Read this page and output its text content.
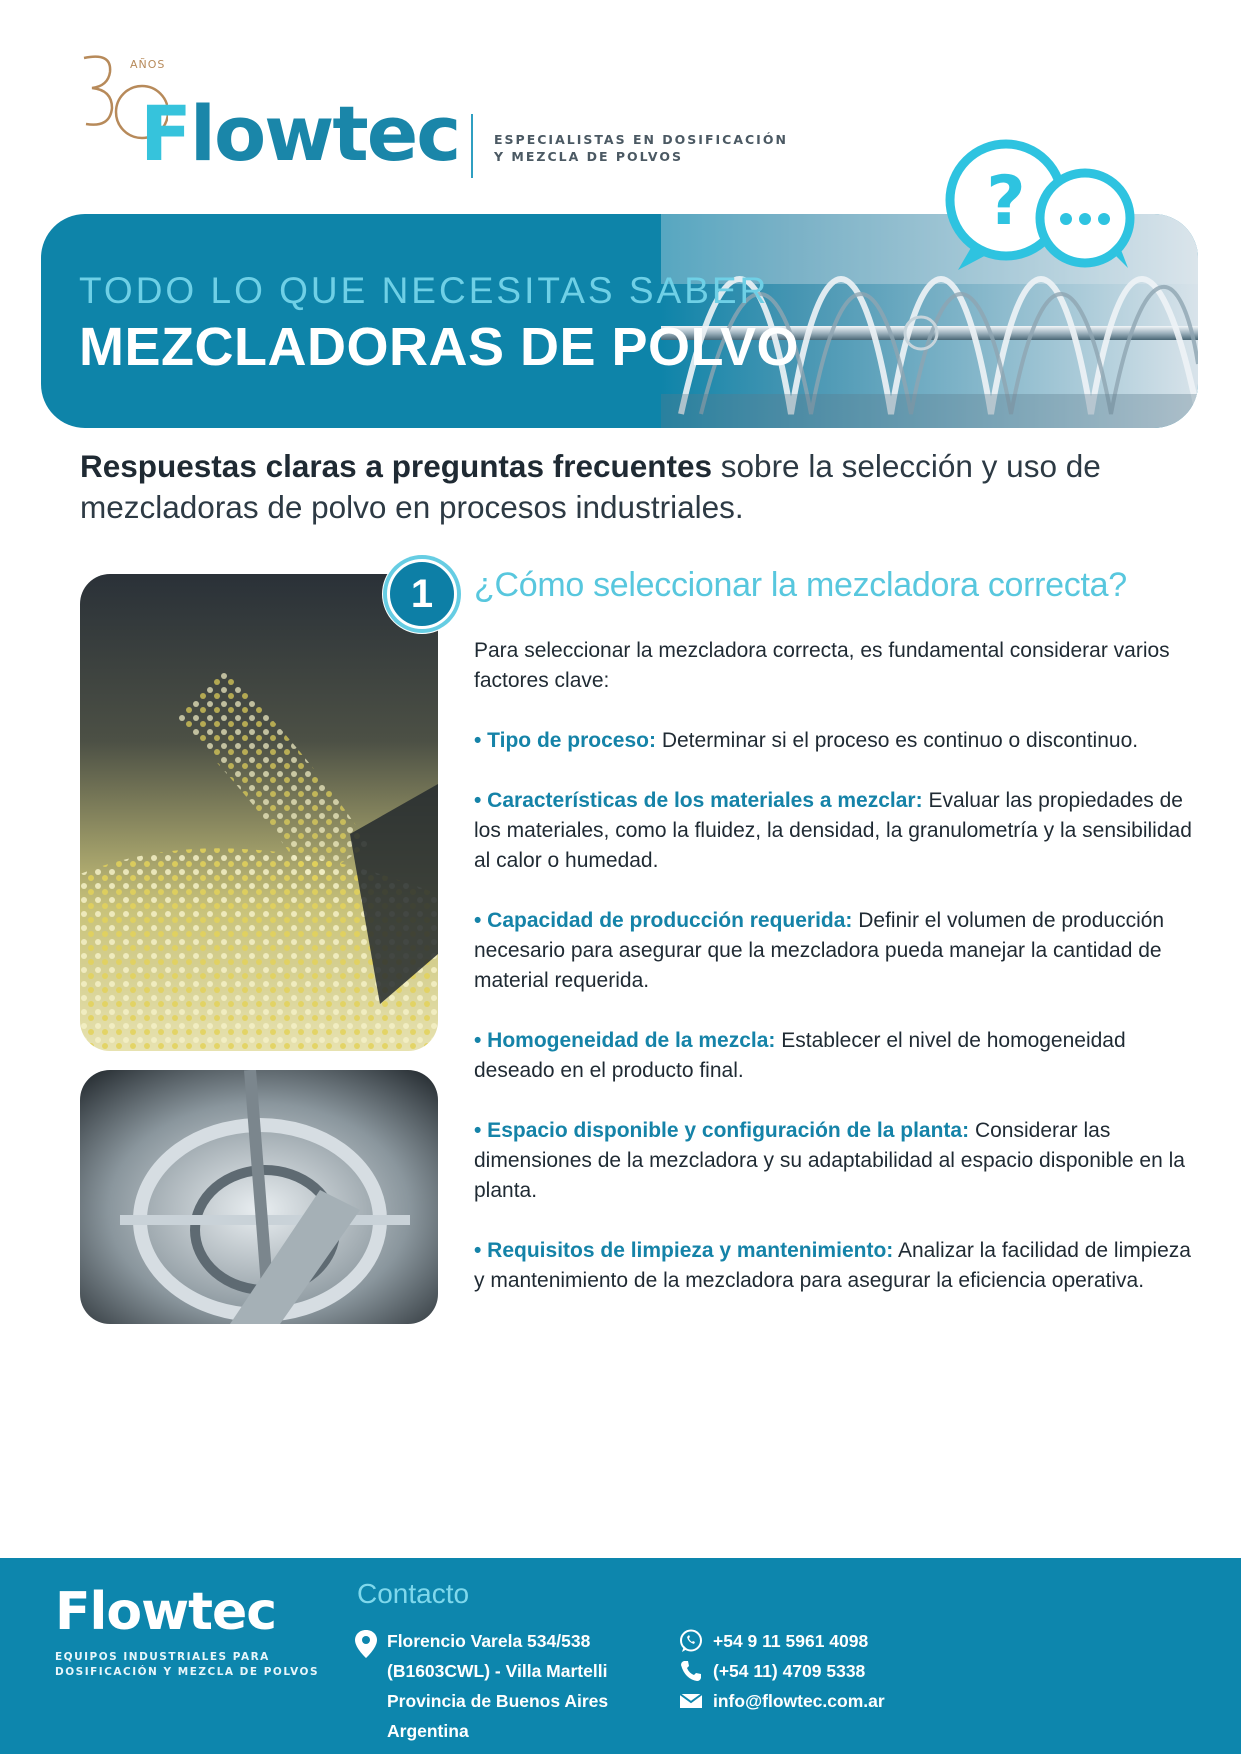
AÑOS
Flowtec	ESPECIALISTAS EN DOSIFICACIÓN
Y MEZCLA DE POLVOS
TODO LO QUE NECESITAS SABER
MEZCLADORAS DE POLVO
?
Respuestas claras a preguntas frecuentes sobre la selección y uso de mezcladoras de polvo en procesos industriales.
1	¿Cómo seleccionar la mezcladora correcta?

Para seleccionar la mezcladora correcta, es fundamental considerar varios factores clave:

• Tipo de proceso: Determinar si el proceso es continuo o discontinuo.

• Características de los materiales a mezclar: Evaluar las propiedades de los materiales, como la fluidez, la densidad, la granulometría y la sensibilidad al calor o humedad.

• Capacidad de producción requerida: Definir el volumen de producción necesario para asegurar que la mezcladora pueda manejar la cantidad de material requerida.

• Homogeneidad de la mezcla: Establecer el nivel de homogeneidad deseado en el producto final.

• Espacio disponible y configuración de la planta: Considerar las dimensiones de la mezcladora y su adaptabilidad al espacio disponible en la planta.

• Requisitos de limpieza y mantenimiento: Analizar la facilidad de limpieza y mantenimiento de la mezcladora para asegurar la eficiencia operativa.

Flowtec
EQUIPOS INDUSTRIALES PARA
DOSIFICACIÓN Y MEZCLA DE POLVOS
Contacto
Florencio Varela 534/538
(B1603CWL) - Villa Martelli
Provincia de Buenos Aires
Argentina
+54 9 11 5961 4098
(+54 11) 4709 5338
info@flowtec.com.ar
